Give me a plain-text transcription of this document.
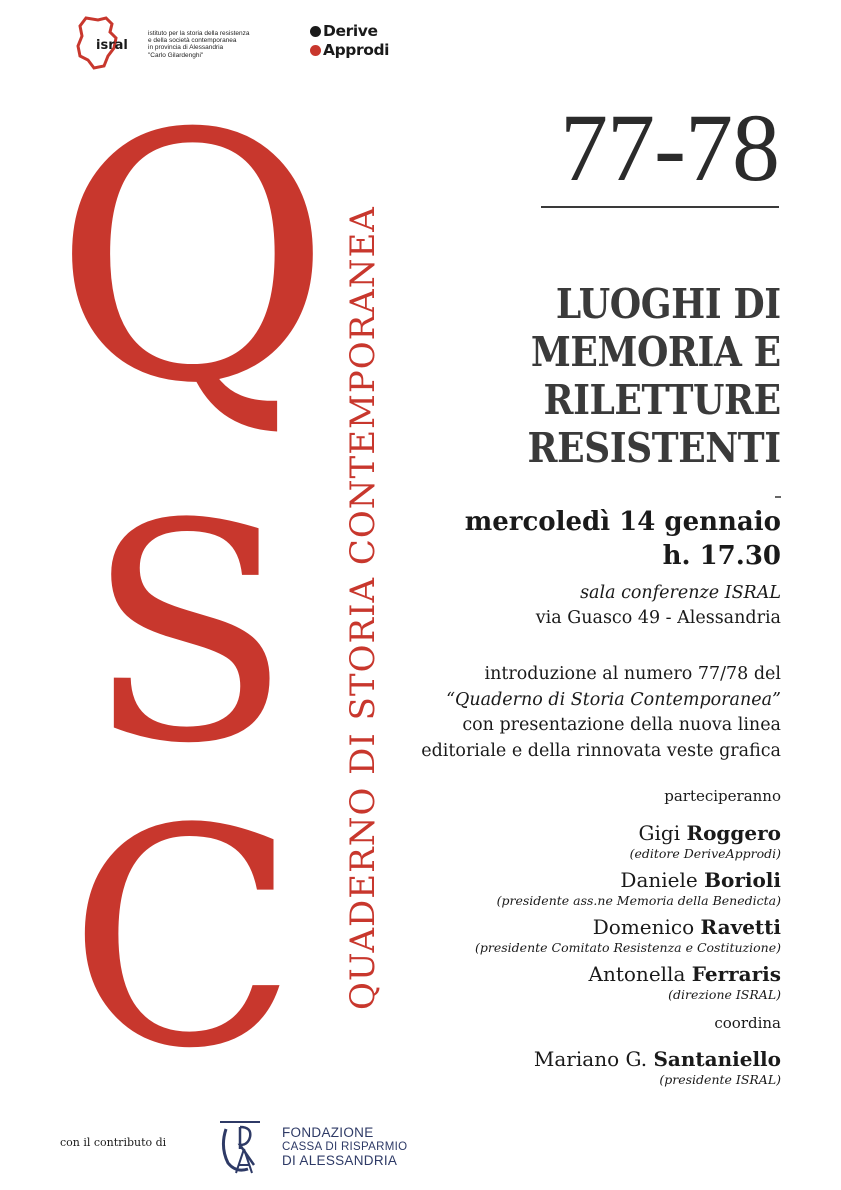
isral
istituto per la storia della resistenza
e della società contemporanea
in provincia di Alessandria
"Carlo Gilardenghi"
Derive
Approdi
Q
S
C QUADERNO DI STORIA CONTEMPORANEA
77-78
LUOGHI DI
MEMORIA E
RILETTURE
RESISTENTI
mercoledì 14 gennaio
h. 17.30
sala conferenze ISRAL
via Guasco 49 - Alessandria
introduzione al numero 77/78 del
“Quaderno di Storia Contemporanea”
con presentazione della nuova linea
editoriale e della rinnovata veste grafica
parteciperanno
Gigi Roggero
(editore DeriveApprodi)
Daniele Borioli
(presidente ass.ne Memoria della Benedicta)
Domenico Ravetti
(presidente Comitato Resistenza e Costituzione)
Antonella Ferraris
(direzione ISRAL)
coordina
Mariano G. Santaniello
(presidente ISRAL)
con il contributo di
FONDAZIONE
CASSA DI RISPARMIO
DI ALESSANDRIA
